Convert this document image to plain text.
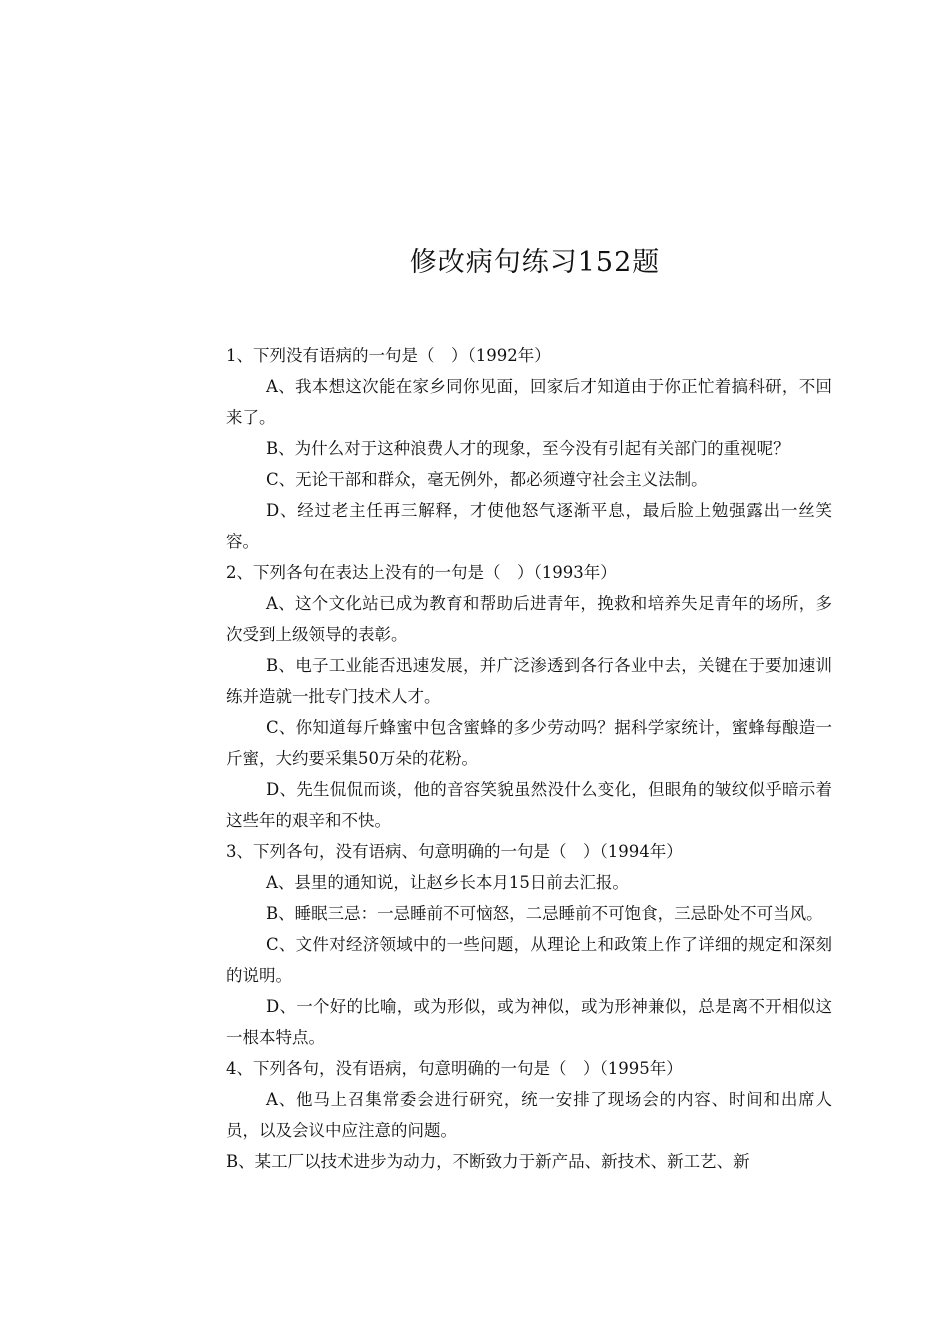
修改病句练习152题

1、下列没有语病的一句是（　）（1992年）

A、我本想这次能在家乡同你见面，回家后才知道由于你正忙着搞科研，不回来了。

B、为什么对于这种浪费人才的现象，至今没有引起有关部门的重视呢？

C、无论干部和群众，毫无例外，都必须遵守社会主义法制。

D、经过老主任再三解释，才使他怒气逐渐平息，最后脸上勉强露出一丝笑容。

2、下列各句在表达上没有的一句是（　）（1993年）

A、这个文化站已成为教育和帮助后进青年，挽救和培养失足青年的场所，多次受到上级领导的表彰。

B、电子工业能否迅速发展，并广泛渗透到各行各业中去，关键在于要加速训练并造就一批专门技术人才。

C、你知道每斤蜂蜜中包含蜜蜂的多少劳动吗？据科学家统计，蜜蜂每酿造一斤蜜，大约要采集50万朵的花粉。

D、先生侃侃而谈，他的音容笑貌虽然没什么变化，但眼角的皱纹似乎暗示着这些年的艰辛和不快。

3、下列各句，没有语病、句意明确的一句是（　）（1994年）

A、县里的通知说，让赵乡长本月15日前去汇报。

B、睡眠三忌：一忌睡前不可恼怒，二忌睡前不可饱食，三忌卧处不可当风。

C、文件对经济领域中的一些问题，从理论上和政策上作了详细的规定和深刻的说明。

D、一个好的比喻，或为形似，或为神似，或为形神兼似，总是离不开相似这一根本特点。

4、下列各句，没有语病，句意明确的一句是（　）（1995年）

A、他马上召集常委会进行研究，统一安排了现场会的内容、时间和出席人员，以及会议中应注意的问题。

B、某工厂以技术进步为动力，不断致力于新产品、新技术、新工艺、新
